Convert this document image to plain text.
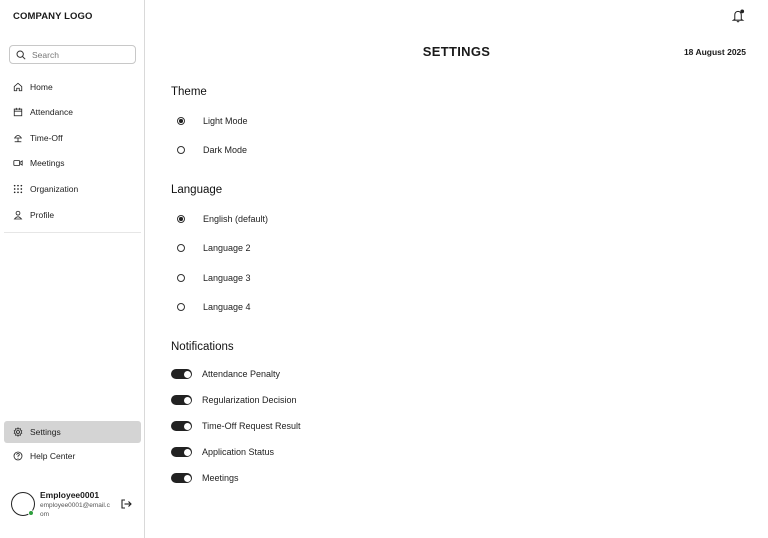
COMPANY LOGO
Search
Home
Attendance
Time-Off
Meetings
Organization
Profile
Settings
Help Center
Employee0001
employee0001@email.com
SETTINGS	18 August 2025
Theme
Light Mode
Dark Mode
Language
English (default)
Language 2
Language 3
Language 4
Notifications
Attendance Penalty
Regularization Decision
Time-Off Request Result
Application Status
Meetings
